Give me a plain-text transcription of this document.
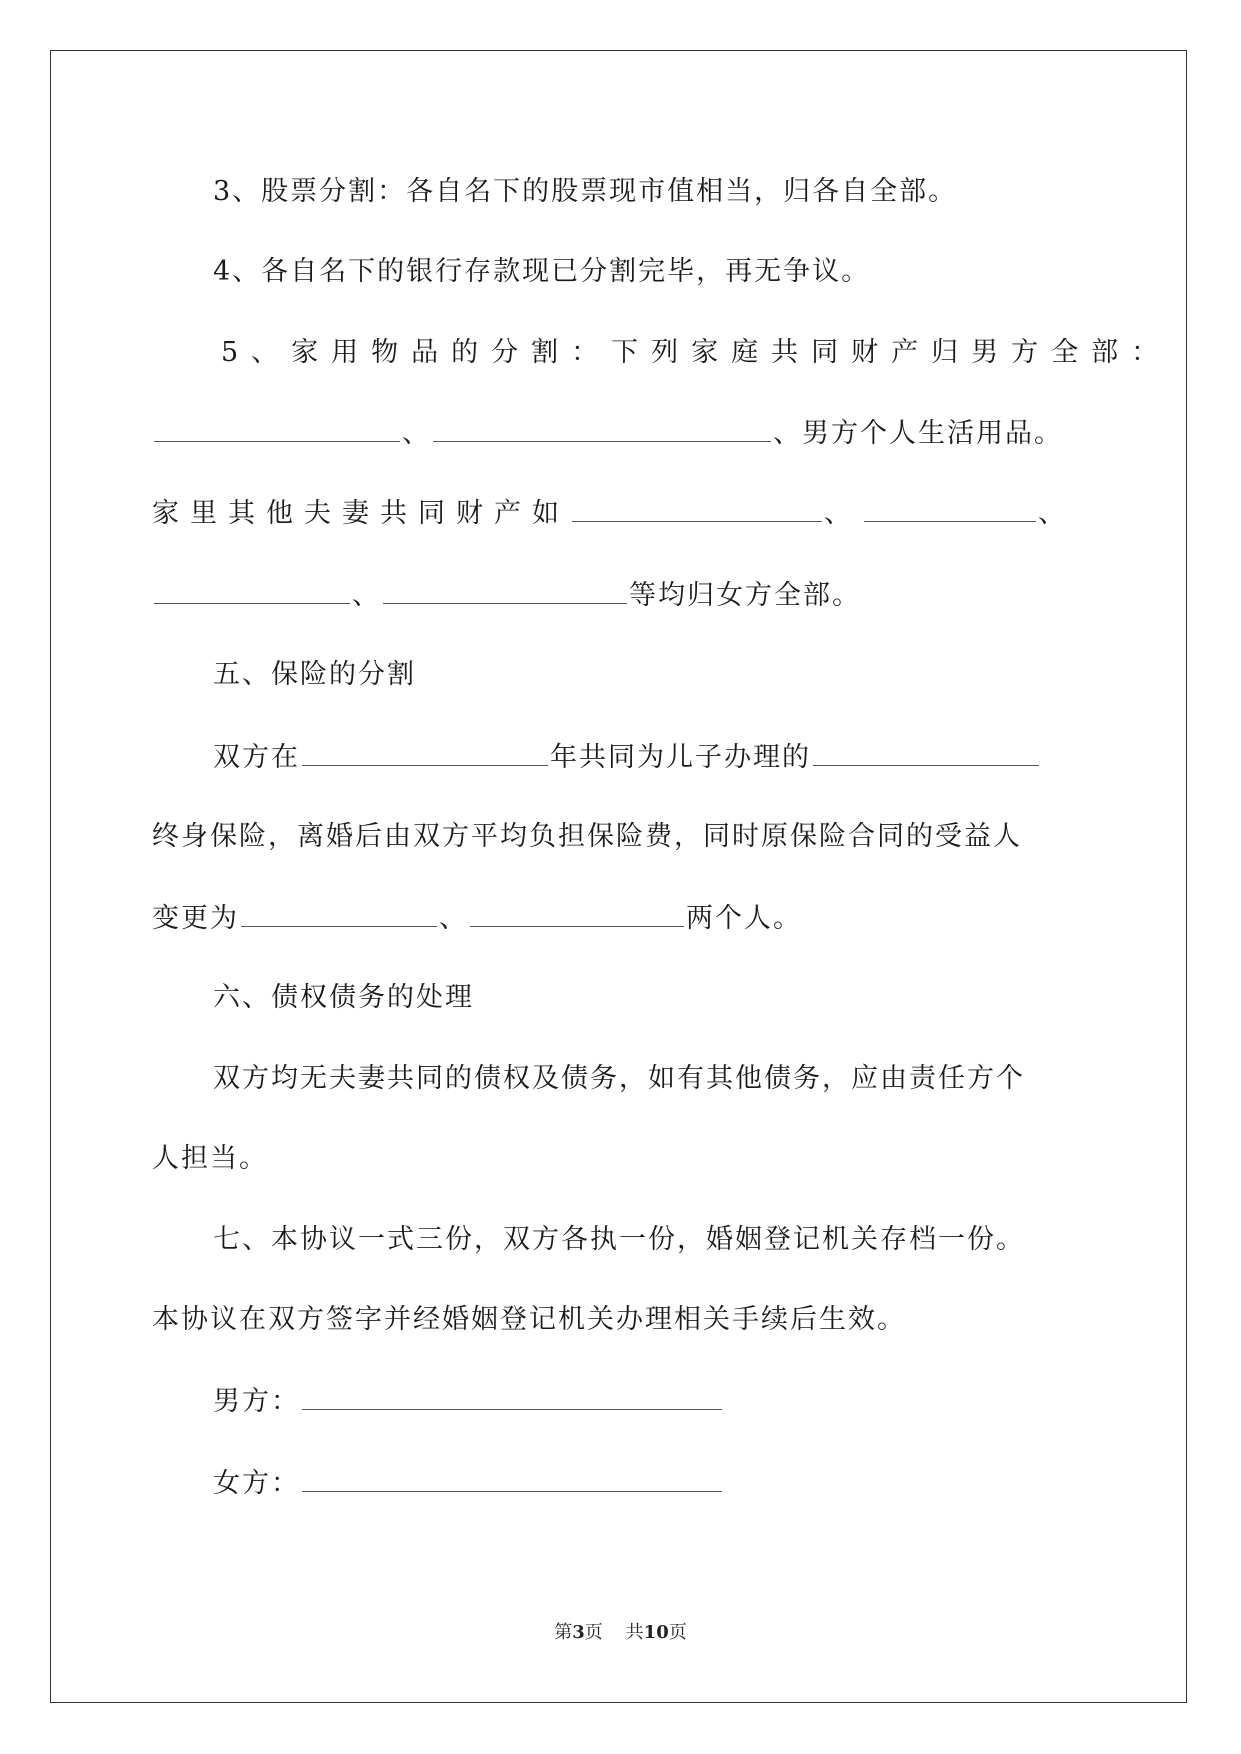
3、股票分割：各自名下的股票现市值相当，归各自全部。
4、各自名下的银行存款现已分割完毕，再无争议。
5、家用物品的分割：下列家庭共同财产归男方全部：
、	、男方个人生活用品。
家里其他夫妻共同财产如	、	、
、	等均归女方全部。
五、保险的分割
双方在	年共同为儿子办理的
终身保险，离婚后由双方平均负担保险费，同时原保险合同的受益人
变更为	、	两个人。
六、债权债务的处理
双方均无夫妻共同的债权及债务，如有其他债务，应由责任方个
人担当。
七、本协议一式三份，双方各执一份，婚姻登记机关存档一份。
本协议在双方签字并经婚姻登记机关办理相关手续后生效。
男方：
女方：
第3页    共10页
